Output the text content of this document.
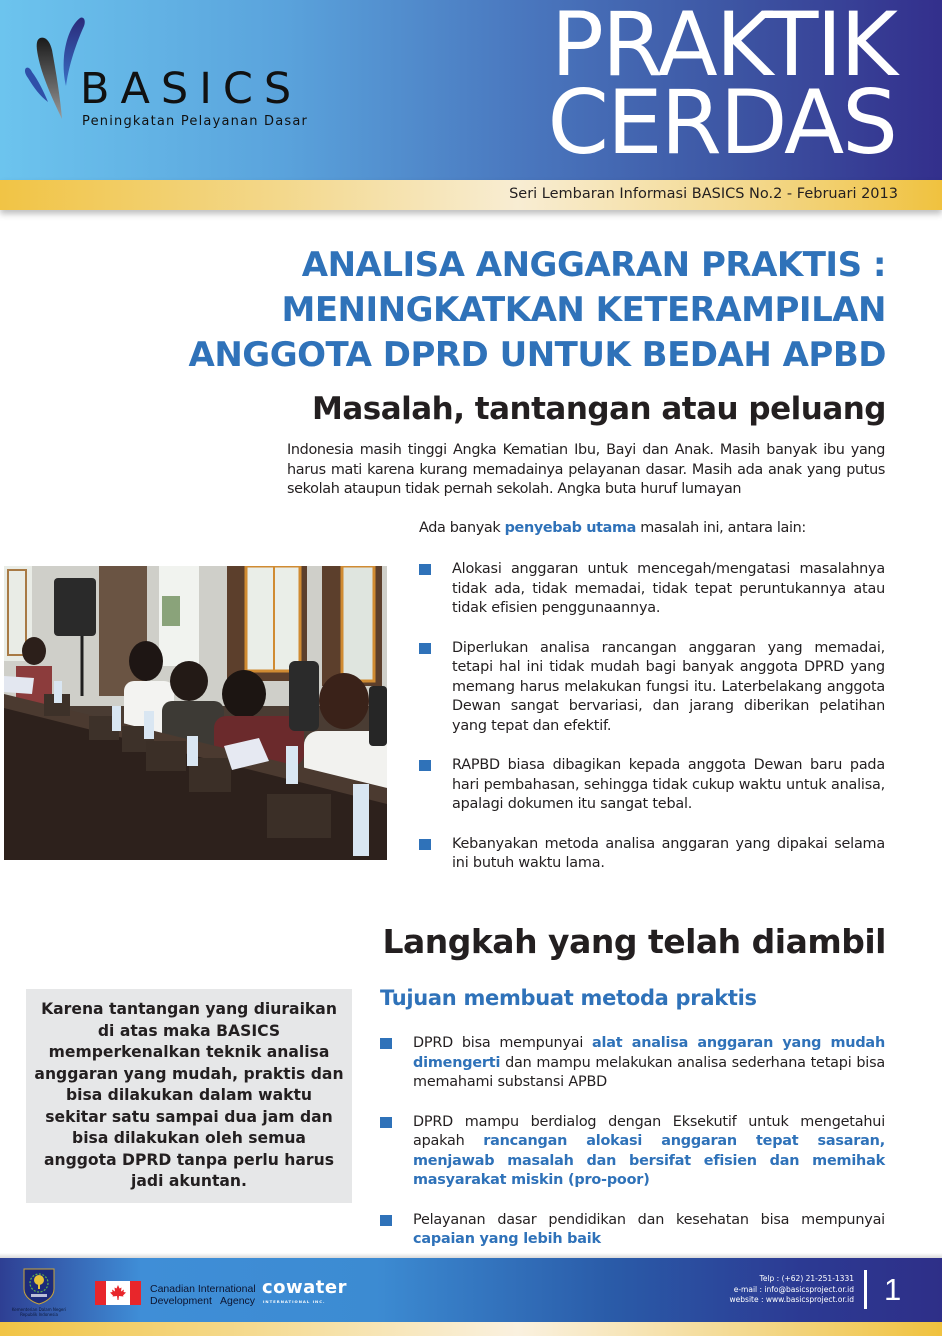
BASICS
Peningkatan Pelayanan Dasar
PRAKTIK
CERDAS
Seri Lembaran Informasi BASICS No.2 - Februari 2013
ANALISA ANGGARAN PRAKTIS :
MENINGKATKAN KETERAMPILAN
ANGGOTA DPRD UNTUK BEDAH APBD
Masalah, tantangan atau peluang

Indonesia masih tinggi Angka Kematian Ibu, Bayi dan Anak. Masih banyak ibu yang harus mati karena kurang memadainya pelayanan dasar. Masih ada anak yang putus sekolah ataupun tidak pernah sekolah. Angka buta huruf lumayan

Ada banyak penyebab utama masalah ini, antara lain:

Alokasi anggaran untuk mencegah/mengatasi masalahnya tidak ada, tidak memadai, tidak tepat peruntukannya atau tidak efisien penggunaannya.
Diperlukan analisa rancangan anggaran yang memadai, tetapi hal ini tidak mudah bagi banyak anggota DPRD yang memang harus melakukan fungsi itu. Laterbelakang anggota Dewan sangat bervariasi, dan jarang diberikan pelatihan yang tepat dan efektif.
RAPBD biasa dibagikan kepada anggota Dewan baru pada hari pembahasan, sehingga tidak cukup waktu untuk analisa, apalagi dokumen itu sangat tebal.
Kebanyakan metoda analisa anggaran yang dipakai selama ini butuh waktu lama.
Langkah yang telah diambil
Karena tantangan yang diuraikan di atas maka BASICS memperkenalkan teknik analisa anggaran yang mudah, praktis dan bisa dilakukan dalam waktu sekitar satu sampai dua jam dan bisa dilakukan oleh semua anggota DPRD tanpa perlu harus jadi akuntan.
Tujuan membuat metoda praktis
DPRD bisa mempunyai alat analisa anggaran yang mudah dimengerti dan mampu melakukan analisa sederhana tetapi bisa memahami substansi APBD
DPRD mampu berdialog dengan Eksekutif untuk mengetahui apakah rancangan alokasi anggaran tepat sasaran, menjawab masalah dan bersifat efisien dan memihak masyarakat miskin (pro-poor)
Pelayanan dasar pendidikan dan kesehatan bisa mempunyai capaian yang lebih baik
Kementerian Dalam Negeri Republik Indonesia
Canadian International
Development   Agency
cowater
INTERNATIONAL INC.
Telp : (+62) 21-251-1331
e-mail : info@basicsproject.or.id
website : www.basicsproject.or.id 1
